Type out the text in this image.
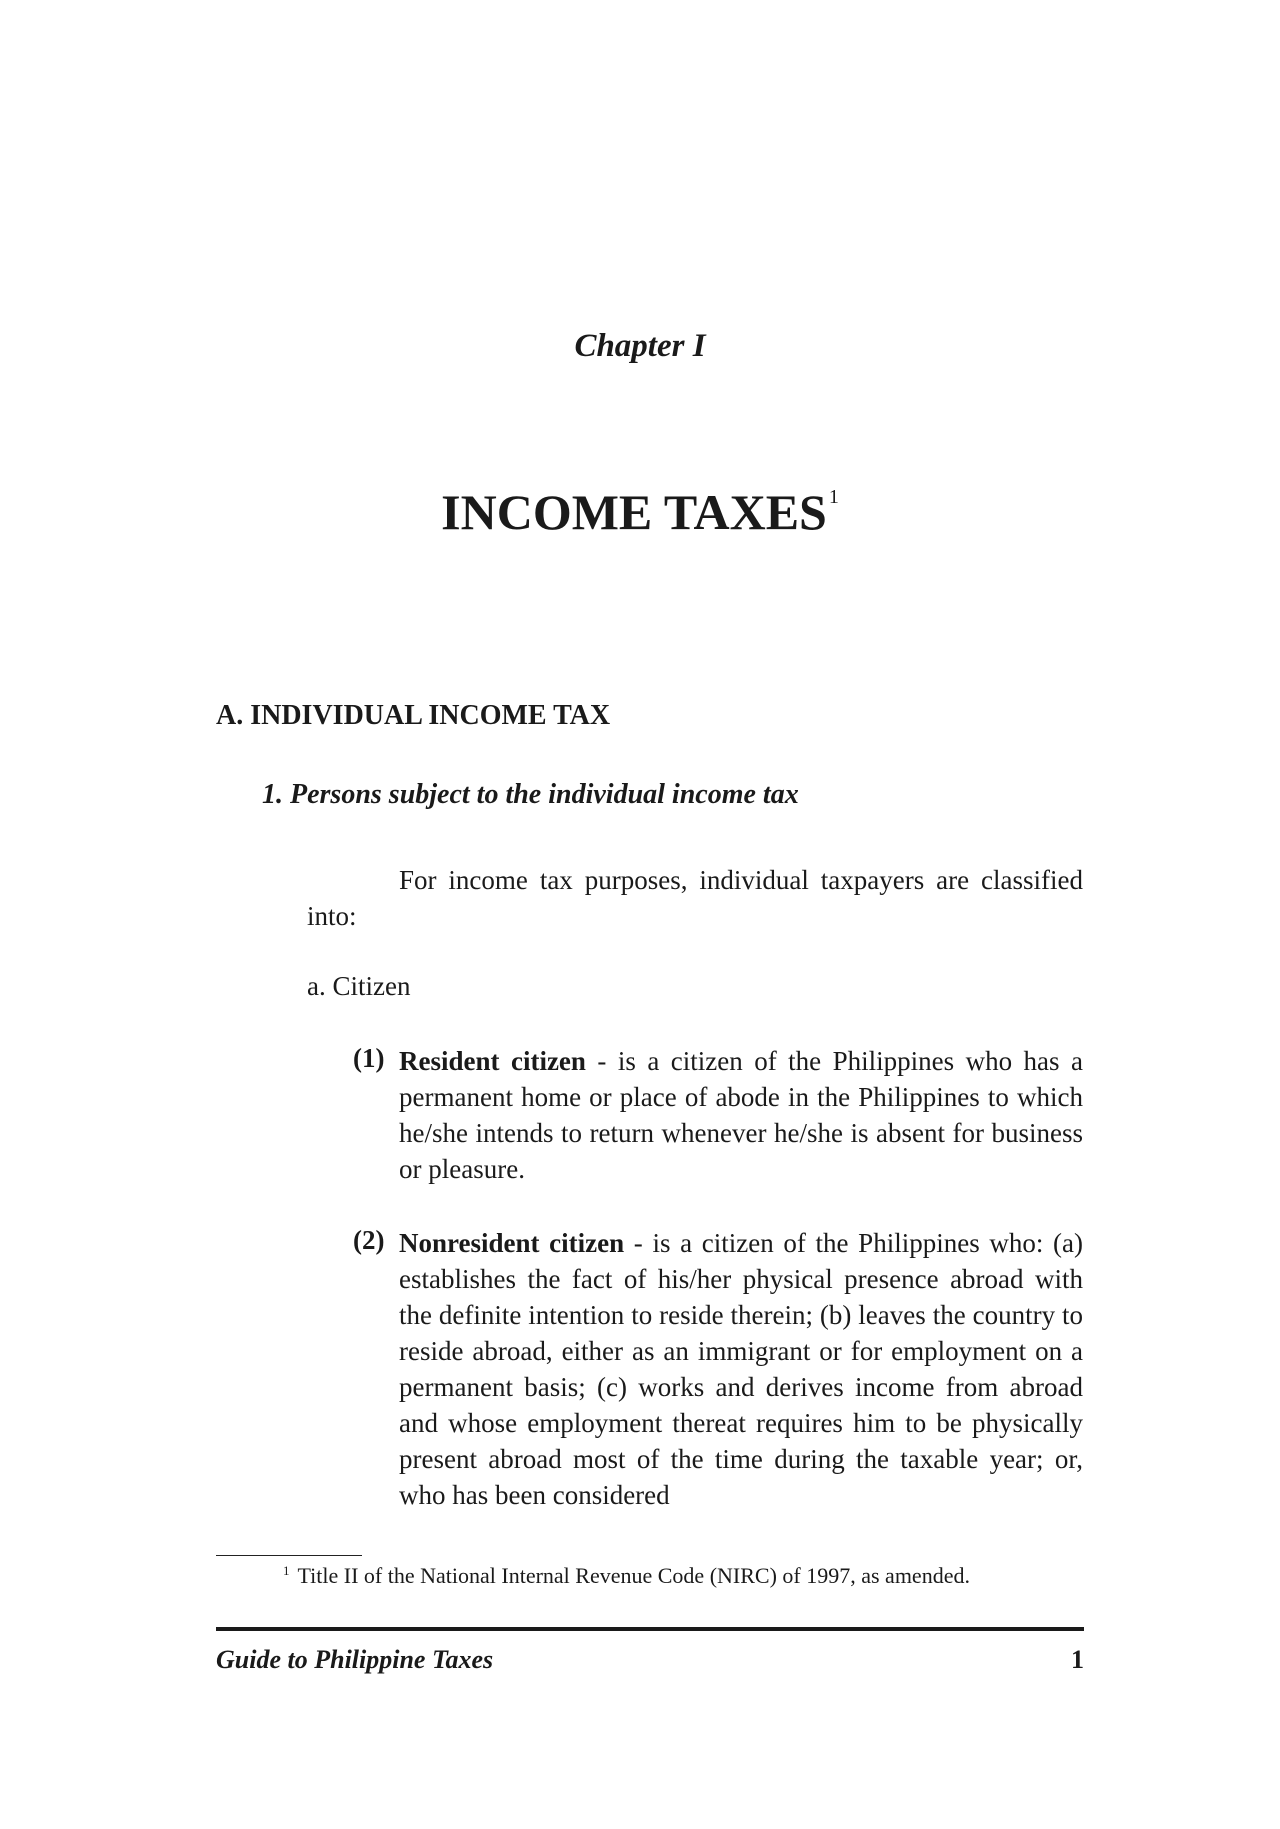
Chapter I
INCOME TAXES $^1$
A. INDIVIDUAL INCOME TAX
1. Persons subject to the individual income tax
For income tax purposes, individual taxpayers are classified into:
a. Citizen
(1) Resident citizen - is a citizen of the Philippines who has a permanent home or place of abode in the Philippines to which he/she intends to return whenever he/she is absent for business or pleasure.
(2) Nonresident citizen - is a citizen of the Philippines who: (a) establishes the fact of his/her physical presence abroad with the definite intention to reside therein; (b) leaves the country to reside abroad, either as an immigrant or for employment on a permanent basis; (c) works and derives income from abroad and whose employment thereat requires him to be physically present abroad most of the time during the taxable year; or, who has been considered
$^1$ Title II of the National Internal Revenue Code (NIRC) of 1997, as amended.
Guide to Philippine Taxes	1
